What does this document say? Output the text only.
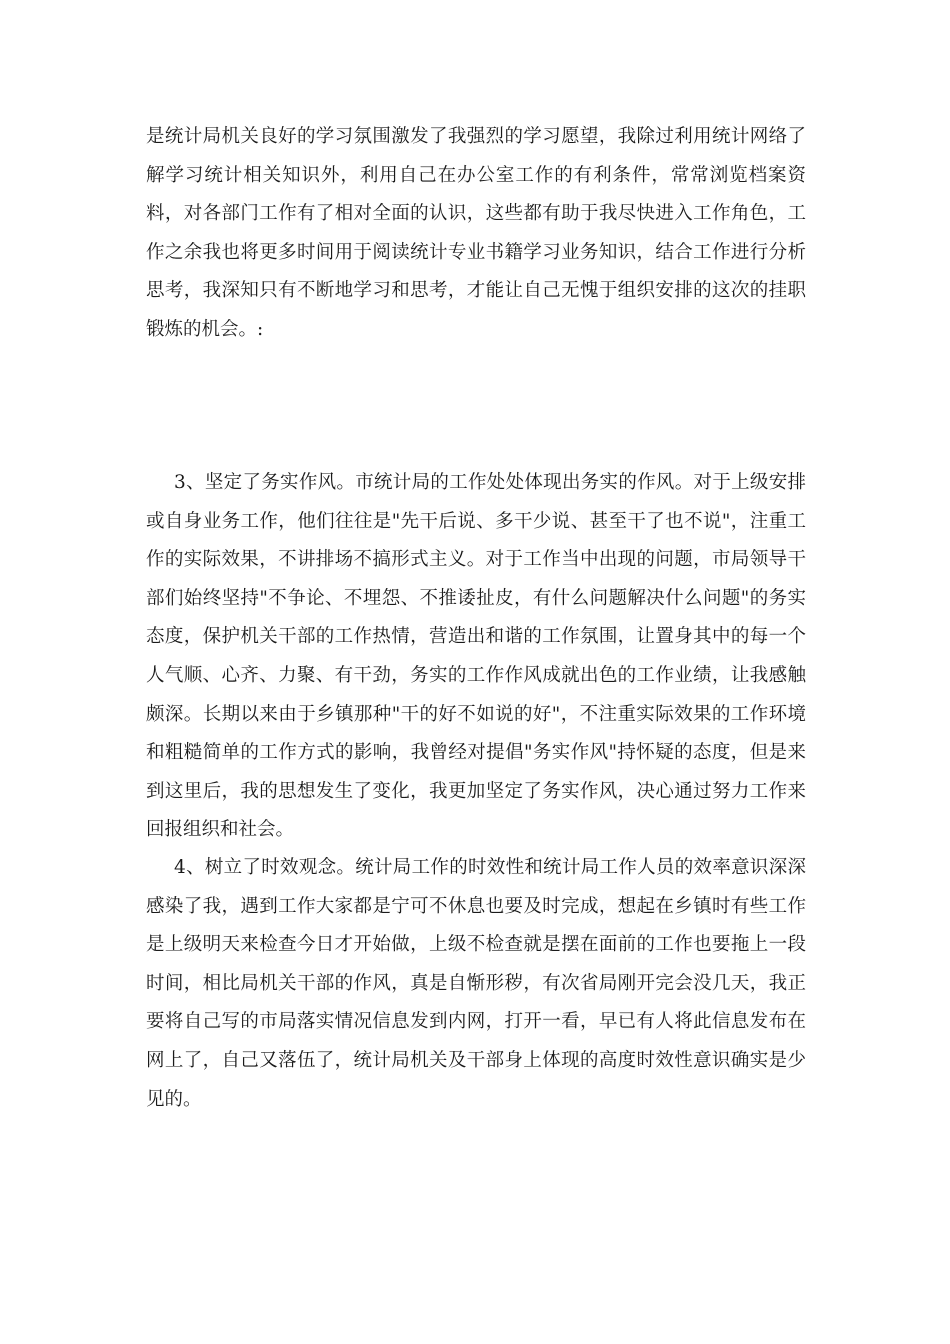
是统计局机关良好的学习氛围激发了我强烈的学习愿望，我除过利用统计网络了解学习统计相关知识外，利用自己在办公室工作的有利条件，常常浏览档案资料，对各部门工作有了相对全面的认识，这些都有助于我尽快进入工作角色，工作之余我也将更多时间用于阅读统计专业书籍学习业务知识，结合工作进行分析思考，我深知只有不断地学习和思考，才能让自己无愧于组织安排的这次的挂职锻炼的机会。:

3、坚定了务实作风。市统计局的工作处处体现出务实的作风。对于上级安排或自身业务工作，他们往往是"先干后说、多干少说、甚至干了也不说"，注重工作的实际效果，不讲排场不搞形式主义。对于工作当中出现的问题，市局领导干部们始终坚持"不争论、不埋怨、不推诿扯皮，有什么问题解决什么问题"的务实态度，保护机关干部的工作热情，营造出和谐的工作氛围，让置身其中的每一个人气顺、心齐、力聚、有干劲，务实的工作作风成就出色的工作业绩，让我感触颇深。长期以来由于乡镇那种"干的好不如说的好"，不注重实际效果的工作环境和粗糙简单的工作方式的影响，我曾经对提倡"务实作风"持怀疑的态度，但是来到这里后，我的思想发生了变化，我更加坚定了务实作风，决心通过努力工作来回报组织和社会。

4、树立了时效观念。统计局工作的时效性和统计局工作人员的效率意识深深感染了我，遇到工作大家都是宁可不休息也要及时完成，想起在乡镇时有些工作是上级明天来检查今日才开始做，上级不检查就是摆在面前的工作也要拖上一段时间，相比局机关干部的作风，真是自惭形秽，有次省局刚开完会没几天，我正要将自己写的市局落实情况信息发到内网，打开一看，早已有人将此信息发布在网上了，自己又落伍了，统计局机关及干部身上体现的高度时效性意识确实是少见的。
